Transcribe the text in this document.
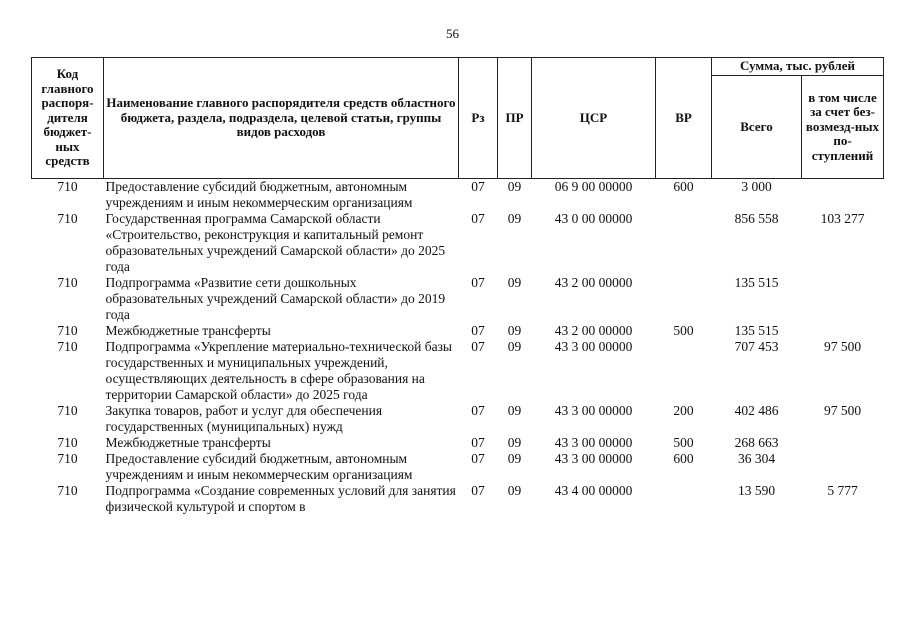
56
Код главного распоря-дителя бюджет-ных средств	Наименование главного распорядителя средств областного бюджета, раздела, подраздела, целевой статьи, группы видов расходов	Рз	ПР	ЦСР	ВР	Сумма, тыс. рублей	
						Всего	в том числе за счет без-возмезд-ных по-ступлений
710	Предоставление субсидий бюджетным, автономным учреждениям и иным некоммерческим организациям	07	09	06 9 00 00000	600	3 000	
710	Государственная программа Самарской области «Строительство, реконструкция и капитальный ремонт образовательных учреждений Самарской области» до 2025 года	07	09	43 0 00 00000		856 558	103 277
710	Подпрограмма «Развитие сети дошкольных образовательных учреждений Самарской области» до 2019 года	07	09	43 2 00 00000		135 515	
710	Межбюджетные трансферты	07	09	43 2 00 00000	500	135 515	
710	Подпрограмма «Укрепление материально-технической базы государственных и муниципальных учреждений, осуществляющих деятельность в сфере образования на территории Самарской области» до 2025 года	07	09	43 3 00 00000		707 453	97 500
710	Закупка товаров, работ и услуг для обеспечения государственных (муниципальных) нужд	07	09	43 3 00 00000	200	402 486	97 500
710	Межбюджетные трансферты	07	09	43 3 00 00000	500	268 663	
710	Предоставление субсидий бюджетным, автономным учреждениям и иным некоммерческим организациям	07	09	43 3 00 00000	600	36 304	
710	Подпрограмма «Создание современных условий для занятия физической культурой и спортом в	07	09	43 4 00 00000		13 590	5 777
